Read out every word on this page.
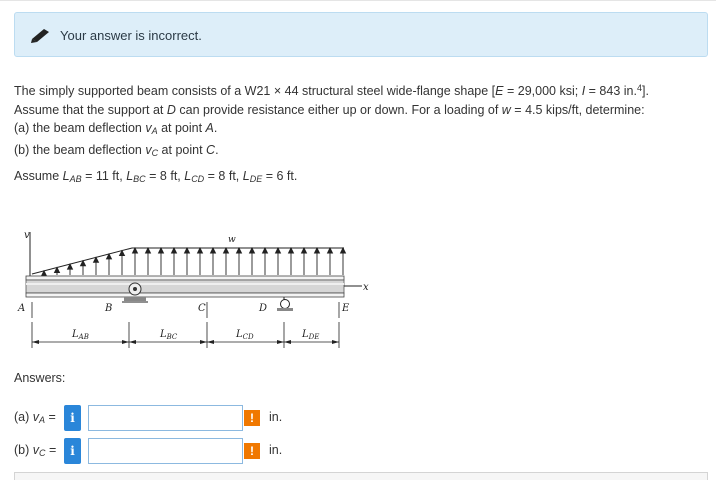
Your answer is incorrect.

The simply supported beam consists of a W21 × 44 structural steel wide-flange shape [E = 29,000 ksi; I = 843 in.$^4$].

Assume that the support at D can provide resistance either up or down. For a loading of w = 4.5 kips/ft, determine:

(a) the beam deflection $v_A$ at point A.

(b) the beam deflection $v_C$ at point C.

Assume $L_{AB} = 11$ ft, $L_{BC} = 8$ ft, $L_{CD} = 8$ ft, $L_{DE} = 6$ ft.
v	w
x
A	B	C	D	E
$L_{AB}$	$L_{BC}$	$L_{CD}$	$L_{DE}$
Answers:
(a) $v_A$ =	i	!	in.
(b) $v_C$ =	i	!	in.
